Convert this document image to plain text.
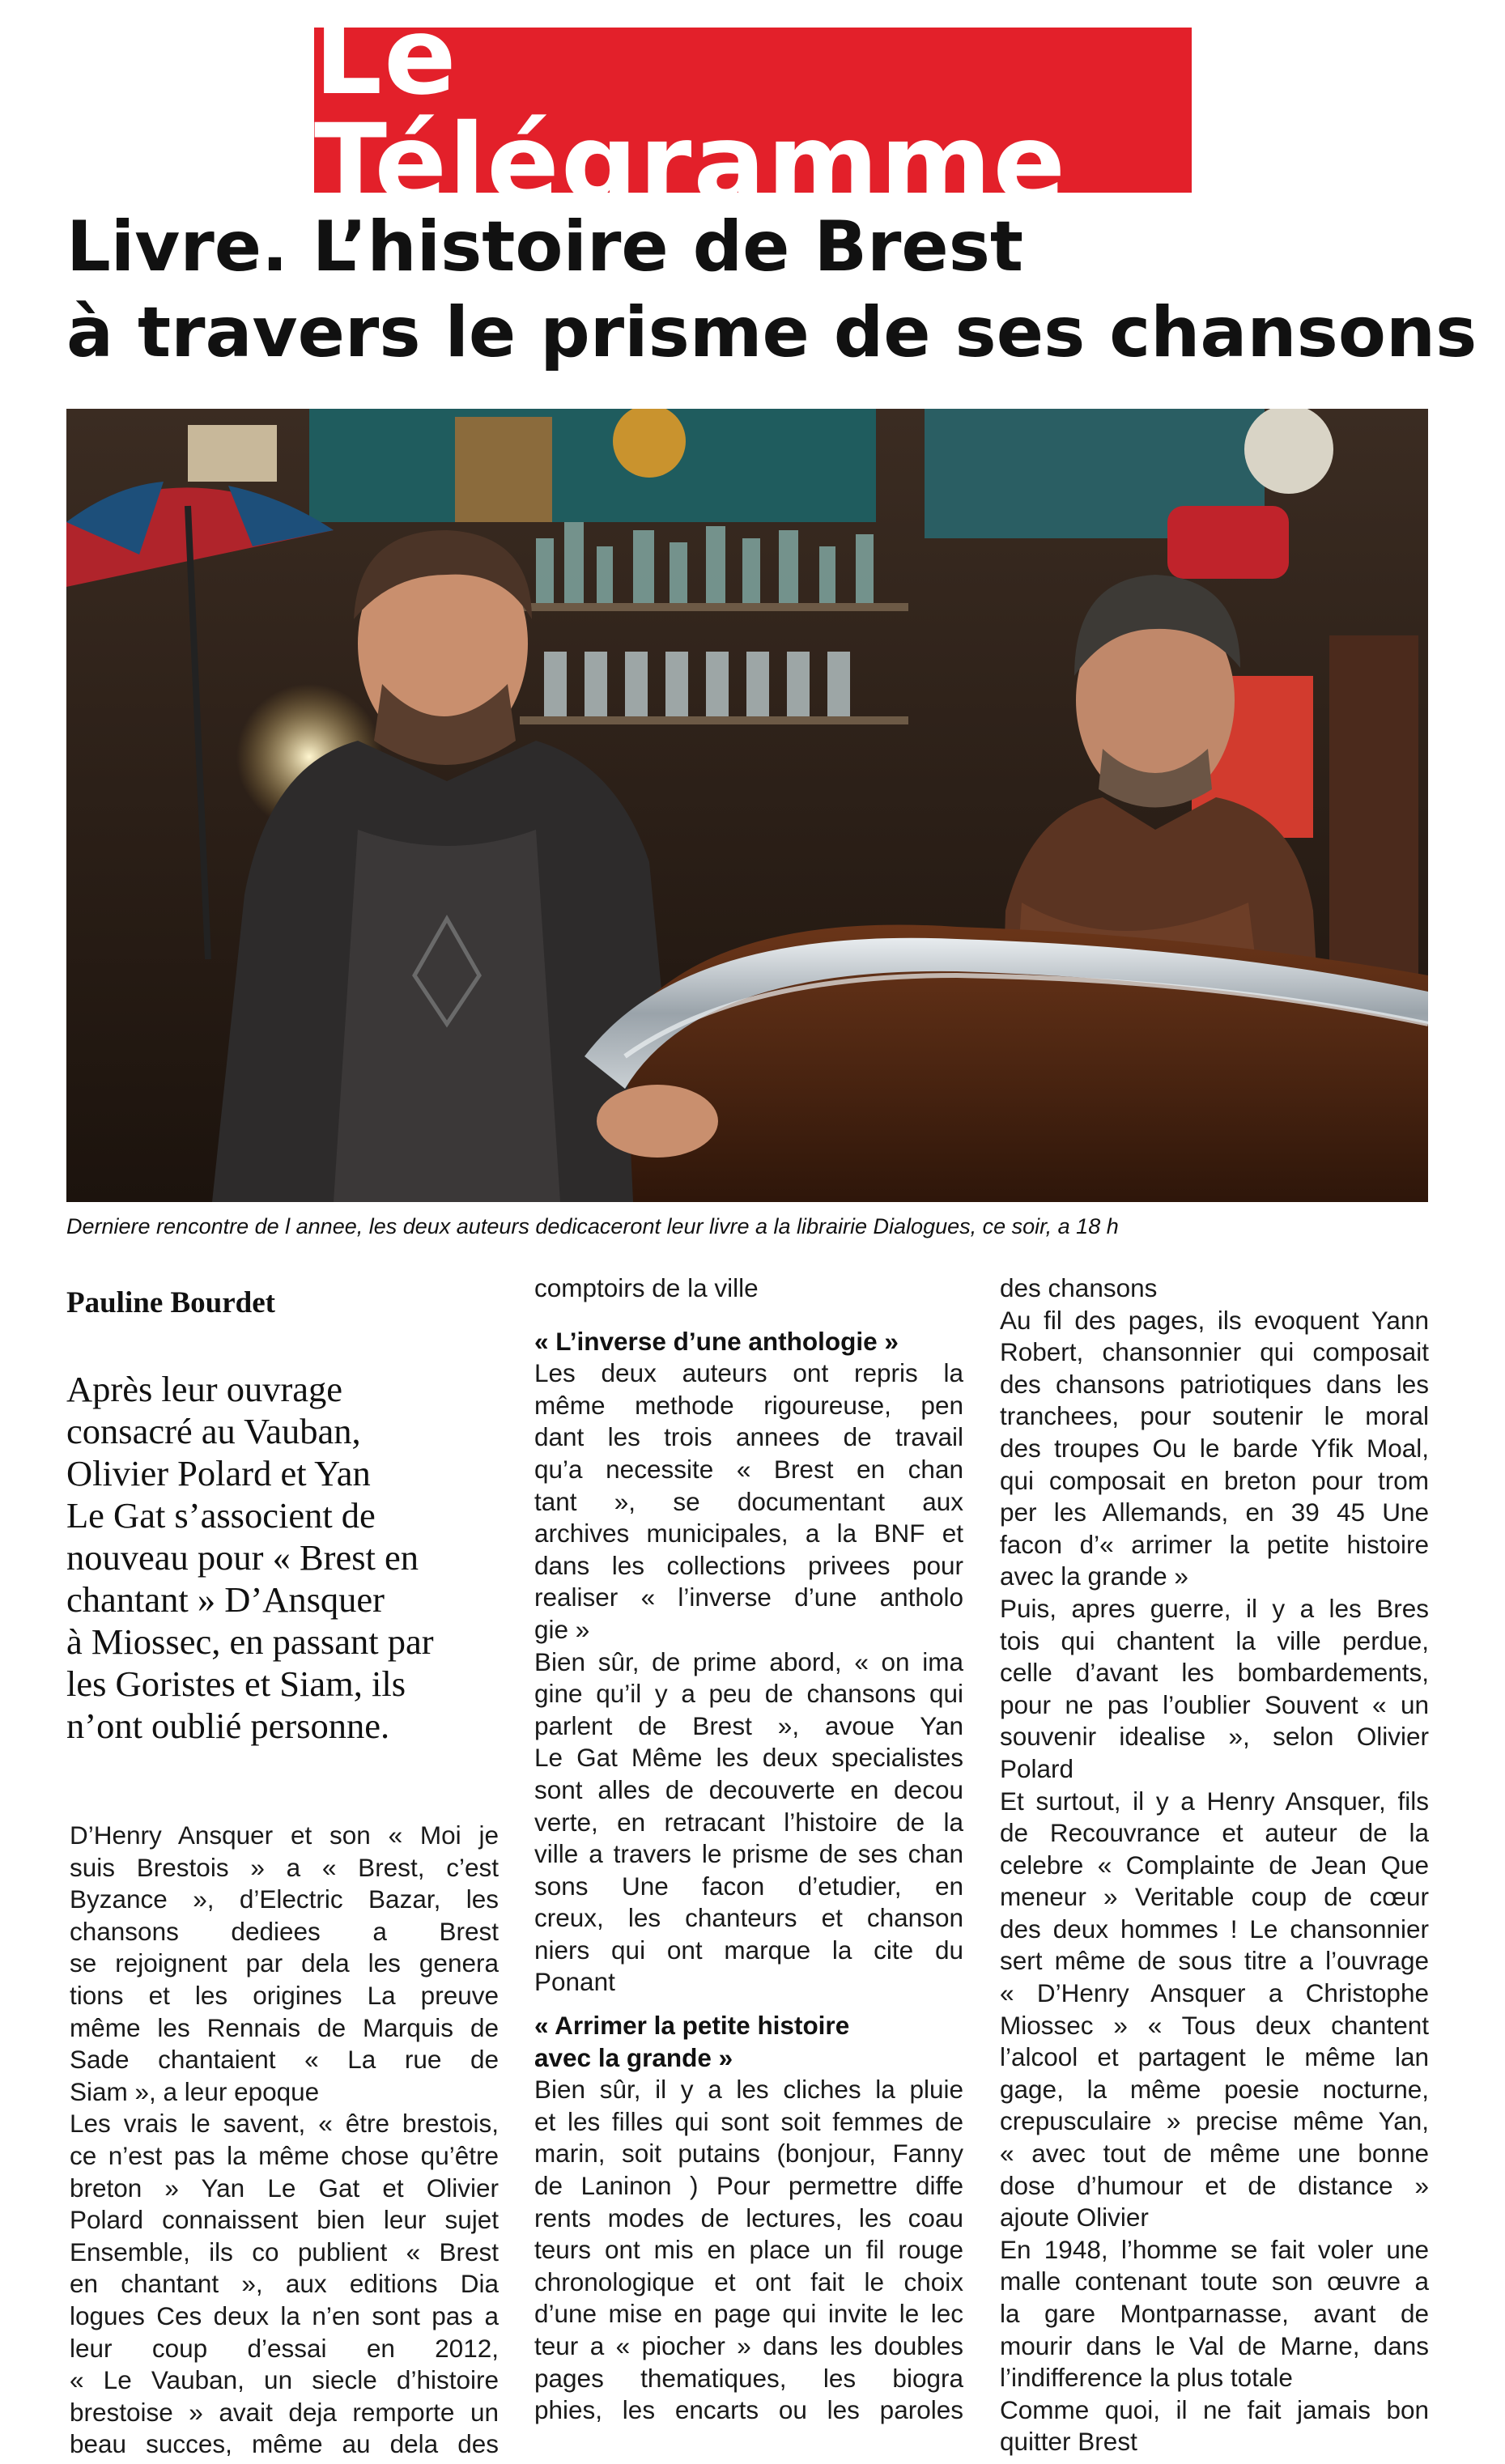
Le Télégramme
Livre. L’histoire de Brest
à travers le prisme de ses chansons
Derniere rencontre de l annee, les deux auteurs dedicaceront leur livre a la librairie Dialogues, ce soir, a 18 h
Pauline Bourdet
Après leur ouvrage
consacré au Vauban,
Olivier Polard et Yan
Le Gat s’associent de
nouveau pour « Brest en
chantant » D’Ansquer
à Miossec, en passant par
les Goristes et Siam, ils
n’ont oublié personne.
D’Henry Ansquer et son « Moi je
suis Brestois » a « Brest, c’est
Byzance », d’Electric Bazar, les
chansons dediees a Brest
se rejoignent par dela les genera
tions et les origines La preuve
même les Rennais de Marquis de
Sade chantaient « La rue de
Siam », a leur epoque
Les vrais le savent, « être brestois,
ce n’est pas la même chose qu’être
breton » Yan Le Gat et Olivier
Polard connaissent bien leur sujet
Ensemble, ils co publient « Brest
en chantant », aux editions Dia
logues Ces deux la n’en sont pas a
leur coup d’essai en 2012,
« Le Vauban, un siecle d’histoire
brestoise » avait deja remporte un
beau succes, même au dela des
comptoirs de la ville
« L’inverse d’une anthologie »
Les deux auteurs ont repris la
même methode rigoureuse, pen
dant les trois annees de travail
qu’a necessite « Brest en chan
tant », se documentant aux
archives municipales, a la BNF et
dans les collections privees pour
realiser « l’inverse d’une antholo
gie »
Bien sûr, de prime abord, « on ima
gine qu’il y a peu de chansons qui
parlent de Brest », avoue Yan
Le Gat Même les deux specialistes
sont alles de decouverte en decou
verte, en retracant l’histoire de la
ville a travers le prisme de ses chan
sons Une facon d’etudier, en
creux, les chanteurs et chanson
niers qui ont marque la cite du
Ponant
« Arrimer la petite histoire
avec la grande »
Bien sûr, il y a les cliches la pluie
et les filles qui sont soit femmes de
marin, soit putains (bonjour, Fanny
de Laninon ) Pour permettre diffe
rents modes de lectures, les coau
teurs ont mis en place un fil rouge
chronologique et ont fait le choix
d’une mise en page qui invite le lec
teur a « piocher » dans les doubles
pages thematiques, les biogra
phies, les encarts ou les paroles
des chansons
Au fil des pages, ils evoquent Yann
Robert, chansonnier qui composait
des chansons patriotiques dans les
tranchees, pour soutenir le moral
des troupes Ou le barde Yfik Moal,
qui composait en breton pour trom
per les Allemands, en 39 45 Une
facon d’« arrimer la petite histoire
avec la grande »
Puis, apres guerre, il y a les Bres
tois qui chantent la ville perdue,
celle d’avant les bombardements,
pour ne pas l’oublier Souvent « un
souvenir idealise », selon Olivier
Polard
Et surtout, il y a Henry Ansquer, fils
de Recouvrance et auteur de la
celebre « Complainte de Jean Que
meneur » Veritable coup de cœur
des deux hommes ! Le chansonnier
sert même de sous titre a l’ouvrage
« D’Henry Ansquer a Christophe
Miossec » « Tous deux chantent
l’alcool et partagent le même lan
gage, la même poesie nocturne,
crepusculaire » precise même Yan,
« avec tout de même une bonne
dose d’humour et de distance »
ajoute Olivier
En 1948, l’homme se fait voler une
malle contenant toute son œuvre a
la gare Montparnasse, avant de
mourir dans le Val de Marne, dans
l’indifference la plus totale
Comme quoi, il ne fait jamais bon
quitter Brest
